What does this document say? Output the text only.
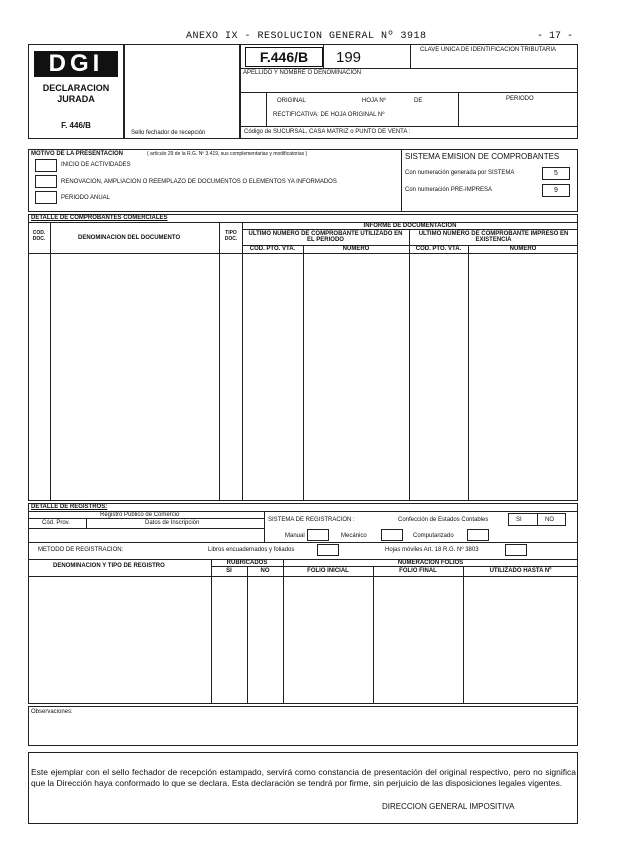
ANEXO IX - RESOLUCION GENERAL Nº 3918	- 17 -
DGI
DECLARACION JURADA
F. 446/B
Sello fechador de recepción
F.446/B	199	CLAVE UNICA DE IDENTIFICACION TRIBUTARIA
APELLIDO Y NOMBRE O DENOMINACION
ORIGINAL	HOJA Nº	DE	PERIODO
RECTIFICATIVA: DE HOJA ORIGINAL Nº
Código de SUCURSAL, CASA MATRIZ o PUNTO DE VENTA :
MOTIVO DE LA PRESENTACION	( artículo 29 de la R.G. Nº 3.419, sus complementarias y modificatorias )
INICIO DE ACTIVIDADES
RENOVACION, AMPLIACION O REEMPLAZO DE DOCUMENTOS O ELEMENTOS YA INFORMADOS
PERIODO ANUAL
SISTEMA EMISION DE COMPROBANTES
Con numeración generada por SISTEMA	5
Con numeración PRE-IMPRESA	9
DETALLE DE COMPROBANTES COMERCIALES
COD. DOC.	DENOMINACION DEL DOCUMENTO
TIPO DOC.
INFORME DE DOCUMENTACION
ULTIMO NUMERO DE COMPROBANTE UTILIZADO EN EL PERIODO
ULTIMO NUMERO DE COMPROBANTE IMPRESO EN EXISTENCIA
COD. PTO. VTA.	NUMERO	COD. PTO. VTA.	NUMERO
DETALLE DE REGISTROS:
Registro Público de Comercio
Cód. Prov.	Datos de Inscripción	SISTEMA DE REGISTRACION :	Confección de Estados Contables	SI	NO
Manual	Mecánico	Computarizado
METODO DE REGISTRACION:	Libros encuadernados y foliados	Hojas móviles Art. 18 R.G. Nº 3803
DENOMINACION Y TIPO DE REGISTRO	RUBRICADOS	NUMERACION FOLIOS
SI	NO	FOLIO INICIAL	FOLIO FINAL	UTILIZADO HASTA Nº
Observaciones:
Este ejemplar con el sello fechador de recepción estampado, servirá como constancia de presentación del original respectivo, pero no significa que la Dirección haya conformado lo que se declara. Esta declaración se tendrá por firme, sin perjuicio de las disposiciones legales vigentes.
DIRECCION GENERAL IMPOSITIVA
